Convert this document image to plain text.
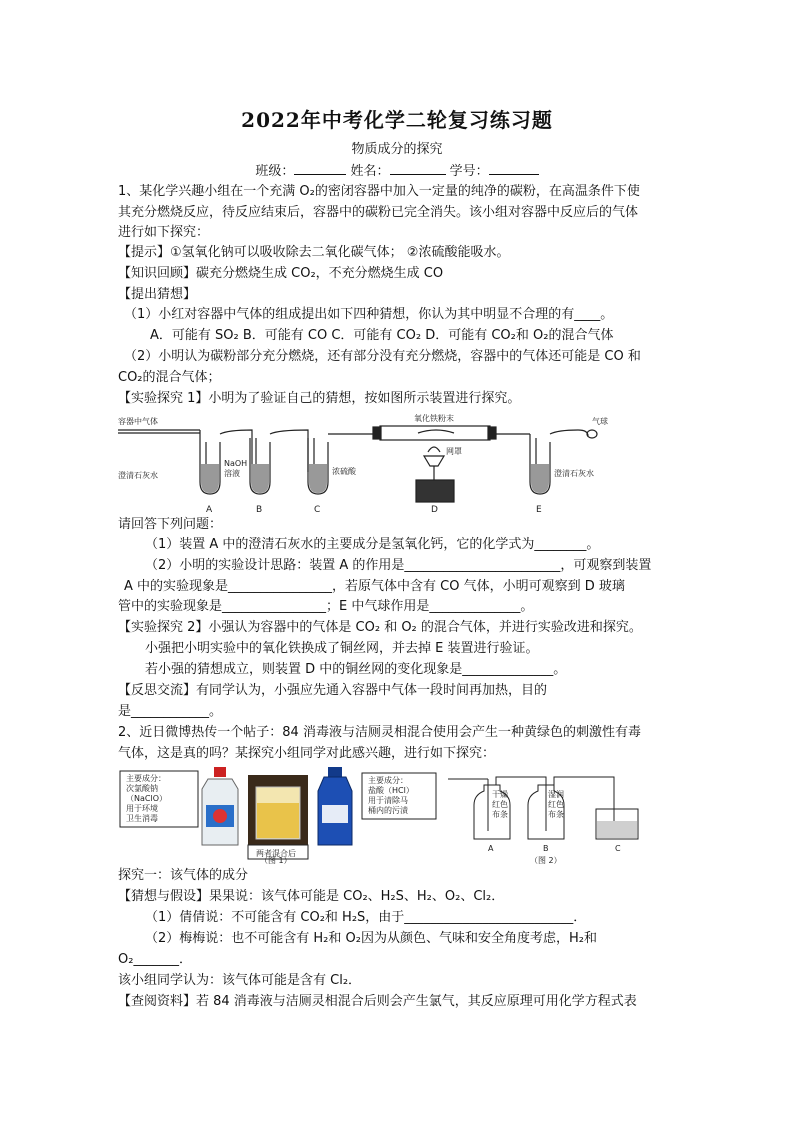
2022年中考化学二轮复习练习题
物质成分的探究
班级：	姓名：	学号：
1、某化学兴趣小组在一个充满 O₂的密闭容器中加入一定量的纯净的碳粉，在高温条件下使
其充分燃烧反应，待反应结束后，容器中的碳粉已完全消失。该小组对容器中反应后的气体
进行如下探究：
【提示】①氢氧化钠可以吸收除去二氧化碳气体； ②浓硫酸能吸水。
【知识回顾】碳充分燃烧生成 CO₂，不充分燃烧生成 CO
【提出猜想】
（1）小红对容器中气体的组成提出如下四种猜想，你认为其中明显不合理的有____。
A．可能有 SO₂ B．可能有 CO C．可能有 CO₂ D．可能有 CO₂和 O₂的混合气体
（2）小明认为碳粉部分充分燃烧，还有部分没有充分燃烧，容器中的气体还可能是 CO 和
CO₂的混合气体；
【实验探究 1】小明为了验证自己的猜想，按如图所示装置进行探究。
容器中气体	氧化铁粉末	气球
网罩
澄清石灰水
NaOH
溶液	浓硫酸	澄清石灰水
A	B	C	D	E
请回答下列问题：
（1）装置 A 中的澄清石灰水的主要成分是氢氧化钙，它的化学式为________。
（2）小明的实验设计思路：装置 A 的作用是________________________，可观察到装置
A 中的实验现象是________________，若原气体中含有 CO 气体，小明可观察到 D 玻璃
管中的实验现象是________________；E 中气球作用是______________。
【实验探究 2】小强认为容器中的气体是 CO₂ 和 O₂ 的混合气体，并进行实验改进和探究。
小强把小明实验中的氧化铁换成了铜丝网，并去掉 E 装置进行验证。
若小强的猜想成立，则装置 D 中的铜丝网的变化现象是______________。
【反思交流】有同学认为，小强应先通入容器中气体一段时间再加热，目的
是____________。
2、近日微博热传一个帖子：84 消毒液与洁厕灵相混合使用会产生一种黄绿色的刺激性有毒
气体，这是真的吗？某探究小组同学对此感兴趣，进行如下探究：
主要成分：
次氯酸钠
（NaClO）
用于环境
卫生消毒
两者混合后
主要成分：
盐酸（HCl）
用于清除马
桶内的污渍
（图 1）
干燥
红色
布条
湿润
红色
布条
A	B	C
（图 2）
探究一：该气体的成分
【猜想与假设】果果说：该气体可能是 CO₂、H₂S、H₂、O₂、Cl₂．
（1）倩倩说：不可能含有 CO₂和 H₂S，由于__________________________．
（2）梅梅说：也不可能含有 H₂和 O₂因为从颜色、气味和安全角度考虑，H₂和
O₂_______．
该小组同学认为：该气体可能是含有 Cl₂．
【查阅资料】若 84 消毒液与洁厕灵相混合后则会产生氯气，其反应原理可用化学方程式表
